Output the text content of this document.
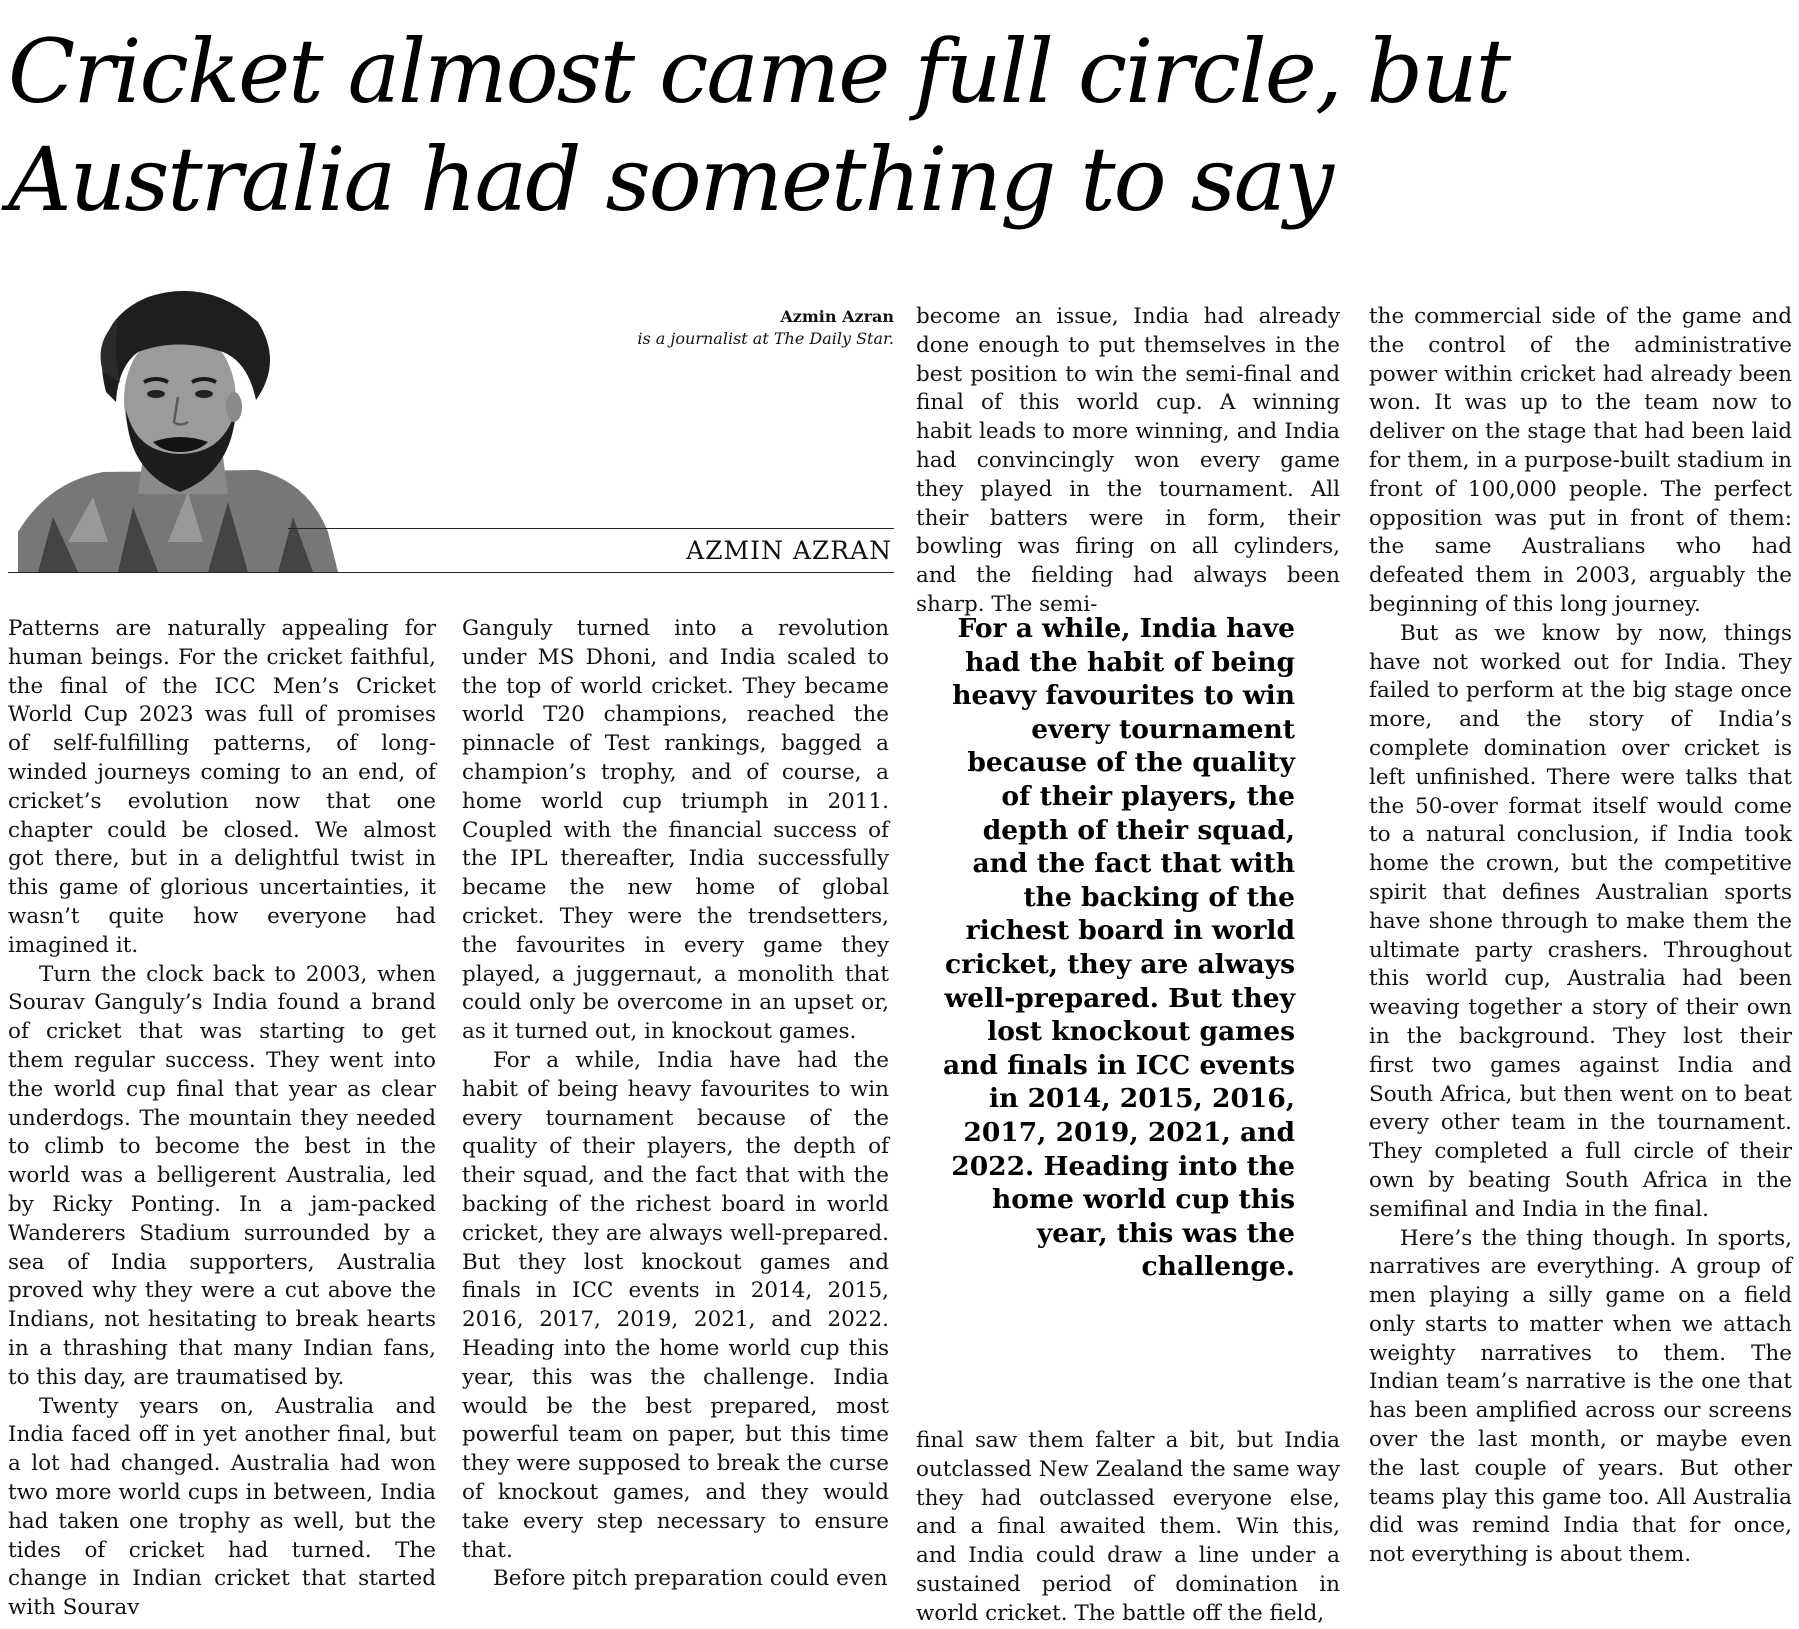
Cricket almost came full circle, but
Australia had something to say
Azmin Azran
is a journalist at The Daily Star.
AZMIN AZRAN

Patterns are naturally appealing for human beings. For the cricket faithful, the final of the ICC Men’s Cricket World Cup 2023 was full of promises of self-fulfilling patterns, of long-winded journeys coming to an end, of cricket’s evolution now that one chapter could be closed. We almost got there, but in a delightful twist in this game of glorious uncertainties, it wasn’t quite how everyone had imagined it.

Turn the clock back to 2003, when Sourav Ganguly’s India found a brand of cricket that was starting to get them regular success. They went into the world cup final that year as clear underdogs. The mountain they needed to climb to become the best in the world was a belligerent Australia, led by Ricky Ponting. In a jam-packed Wanderers Stadium surrounded by a sea of India supporters, Australia proved why they were a cut above the Indians, not hesitating to break hearts in a thrashing that many Indian fans, to this day, are traumatised by.

Twenty years on, Australia and India faced off in yet another final, but a lot had changed. Australia had won two more world cups in between, India had taken one trophy as well, but the tides of cricket had turned. The change in Indian cricket that started with Sourav

Ganguly turned into a revolution under MS Dhoni, and India scaled to the top of world cricket. They became world T20 champions, reached the pinnacle of Test rankings, bagged a champion’s trophy, and of course, a home world cup triumph in 2011. Coupled with the financial success of the IPL thereafter, India successfully became the new home of global cricket. They were the trendsetters, the favourites in every game they played, a juggernaut, a monolith that could only be overcome in an upset or, as it turned out, in knockout games.

For a while, India have had the habit of being heavy favourites to win every tournament because of the quality of their players, the depth of their squad, and the fact that with the backing of the richest board in world cricket, they are always well-prepared. But they lost knockout games and finals in ICC events in 2014, 2015, 2016, 2017, 2019, 2021, and 2022. Heading into the home world cup this year, this was the challenge. India would be the best prepared, most powerful team on paper, but this time they were supposed to break the curse of knockout games, and they would take every step necessary to ensure that.

Before pitch preparation could even

become an issue, India had already done enough to put themselves in the best position to win the semi-final and final of this world cup. A winning habit leads to more winning, and India had convincingly won every game they played in the tournament. All their batters were in form, their bowling was firing on all cylinders, and the fielding had always been sharp. The semi-

For a while, India have had the habit of being heavy favourites to win every tournament because of the quality of their players, the depth of their squad, and the fact that with the backing of the richest board in world cricket, they are always well-prepared. But they lost knockout games and finals in ICC events in 2014, 2015, 2016, 2017, 2019, 2021, and 2022. Heading into the home world cup this year, this was the challenge.

final saw them falter a bit, but India outclassed New Zealand the same way they had outclassed everyone else, and a final awaited them. Win this, and India could draw a line under a sustained period of domination in world cricket. The battle off the field,

the commercial side of the game and the control of the administrative power within cricket had already been won. It was up to the team now to deliver on the stage that had been laid for them, in a purpose-built stadium in front of 100,000 people. The perfect opposition was put in front of them: the same Australians who had defeated them in 2003, arguably the beginning of this long journey.

But as we know by now, things have not worked out for India. They failed to perform at the big stage once more, and the story of India’s complete domination over cricket is left unfinished. There were talks that the 50-over format itself would come to a natural conclusion, if India took home the crown, but the competitive spirit that defines Australian sports have shone through to make them the ultimate party crashers. Throughout this world cup, Australia had been weaving together a story of their own in the background. They lost their first two games against India and South Africa, but then went on to beat every other team in the tournament. They completed a full circle of their own by beating South Africa in the semifinal and India in the final.

Here’s the thing though. In sports, narratives are everything. A group of men playing a silly game on a field only starts to matter when we attach weighty narratives to them. The Indian team’s narrative is the one that has been amplified across our screens over the last month, or maybe even the last couple of years. But other teams play this game too. All Australia did was remind India that for once, not everything is about them.
